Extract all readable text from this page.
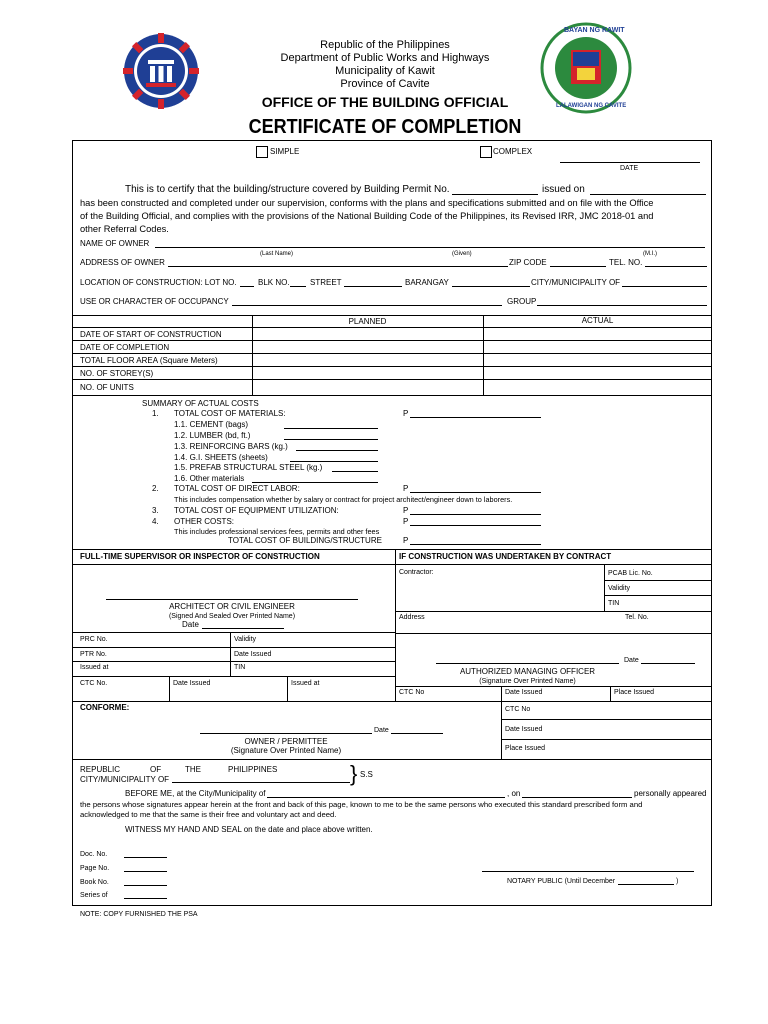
Republic of the Philippines
Department of Public Works and Highways
Municipality of Kawit
Province of Cavite
OFFICE OF THE BUILDING OFFICIAL
CERTIFICATE OF COMPLETION
BAYAN NG KAWIT
LALAWIGAN NG CAVITE
SIMPLE	COMPLEX
DATE
This is to certify that the building/structure covered by Building Permit No.	issued on
has been constructed and completed under our supervision, conforms with the plans and specifications submitted and on file with the Office
of the Building Official, and complies with the provisions of the National Building Code of the Philippines, its Revised IRR, JMC 2018-01 and
other Referral Codes.
NAME OF OWNER
(Last Name)	(Given)	(M.I.)
ADDRESS OF OWNER	ZIP CODE	TEL. NO.
LOCATION OF CONSTRUCTION: LOT NO.	BLK NO.	STREET	BARANGAY	CITY/MUNICIPALITY OF
USE OR CHARACTER OF OCCUPANCY	GROUP
PLANNED	ACTUAL
DATE OF START OF CONSTRUCTION
DATE OF COMPLETION
TOTAL FLOOR AREA (Square Meters)
NO. OF STOREY(S)
NO. OF UNITS
SUMMARY OF ACTUAL COSTS
1. TOTAL COST OF MATERIALS:	P
1.1. CEMENT (bags)
1.2. LUMBER (bd, ft.)
1.3. REINFORCING BARS (kg.)
1.4. G.I. SHEETS (sheets)
1.5. PREFAB STRUCTURAL STEEL (kg.)
1.6. Other materials
2. TOTAL COST OF DIRECT LABOR:	P
This includes compensation whether by salary or contract for project architect/engineer down to laborers.
3. TOTAL COST OF EQUIPMENT UTILIZATION:	P
4. OTHER COSTS:	P
This includes professional services fees, permits and other fees
TOTAL COST OF BUILDING/STRUCTURE	P
FULL-TIME SUPERVISOR OR INSPECTOR OF CONSTRUCTION	IF CONSTRUCTION WAS UNDERTAKEN BY CONTRACT
ARCHITECT OR CIVIL ENGINEER
(Signed And Sealed Over Printed Name)
Date
PRC No.	Validity
PTR No.	Date Issued
Issued at	TIN
CTC No.	Date Issued	Issued at
Contractor:	PCAB Lic. No.
Validity
TIN
Address	Tel. No.
Date
AUTHORIZED MANAGING OFFICER
(Signature Over Printed Name)
CTC No	Date Issued	Place Issued
CONFORME:
Date
OWNER / PERMITTEE
(Signature Over Printed Name)
CTC No
Date Issued
Place Issued
REPUBLIC	OF	THE	PHILIPPINES
CITY/MUNICIPALITY OF	} S.S
BEFORE ME, at the City/Municipality of	, on	personally appeared
the persons whose signatures appear herein at the front and back of this page, known to me to be the same persons who executed this standard prescribed form and
acknowledged to me that the same is their free and voluntary act and deed.
WITNESS MY HAND AND SEAL on the date and place above written.
Doc. No.
Page No.
Book No.
Series of
NOTARY PUBLIC (Until December	)
NOTE: COPY FURNISHED THE PSA
